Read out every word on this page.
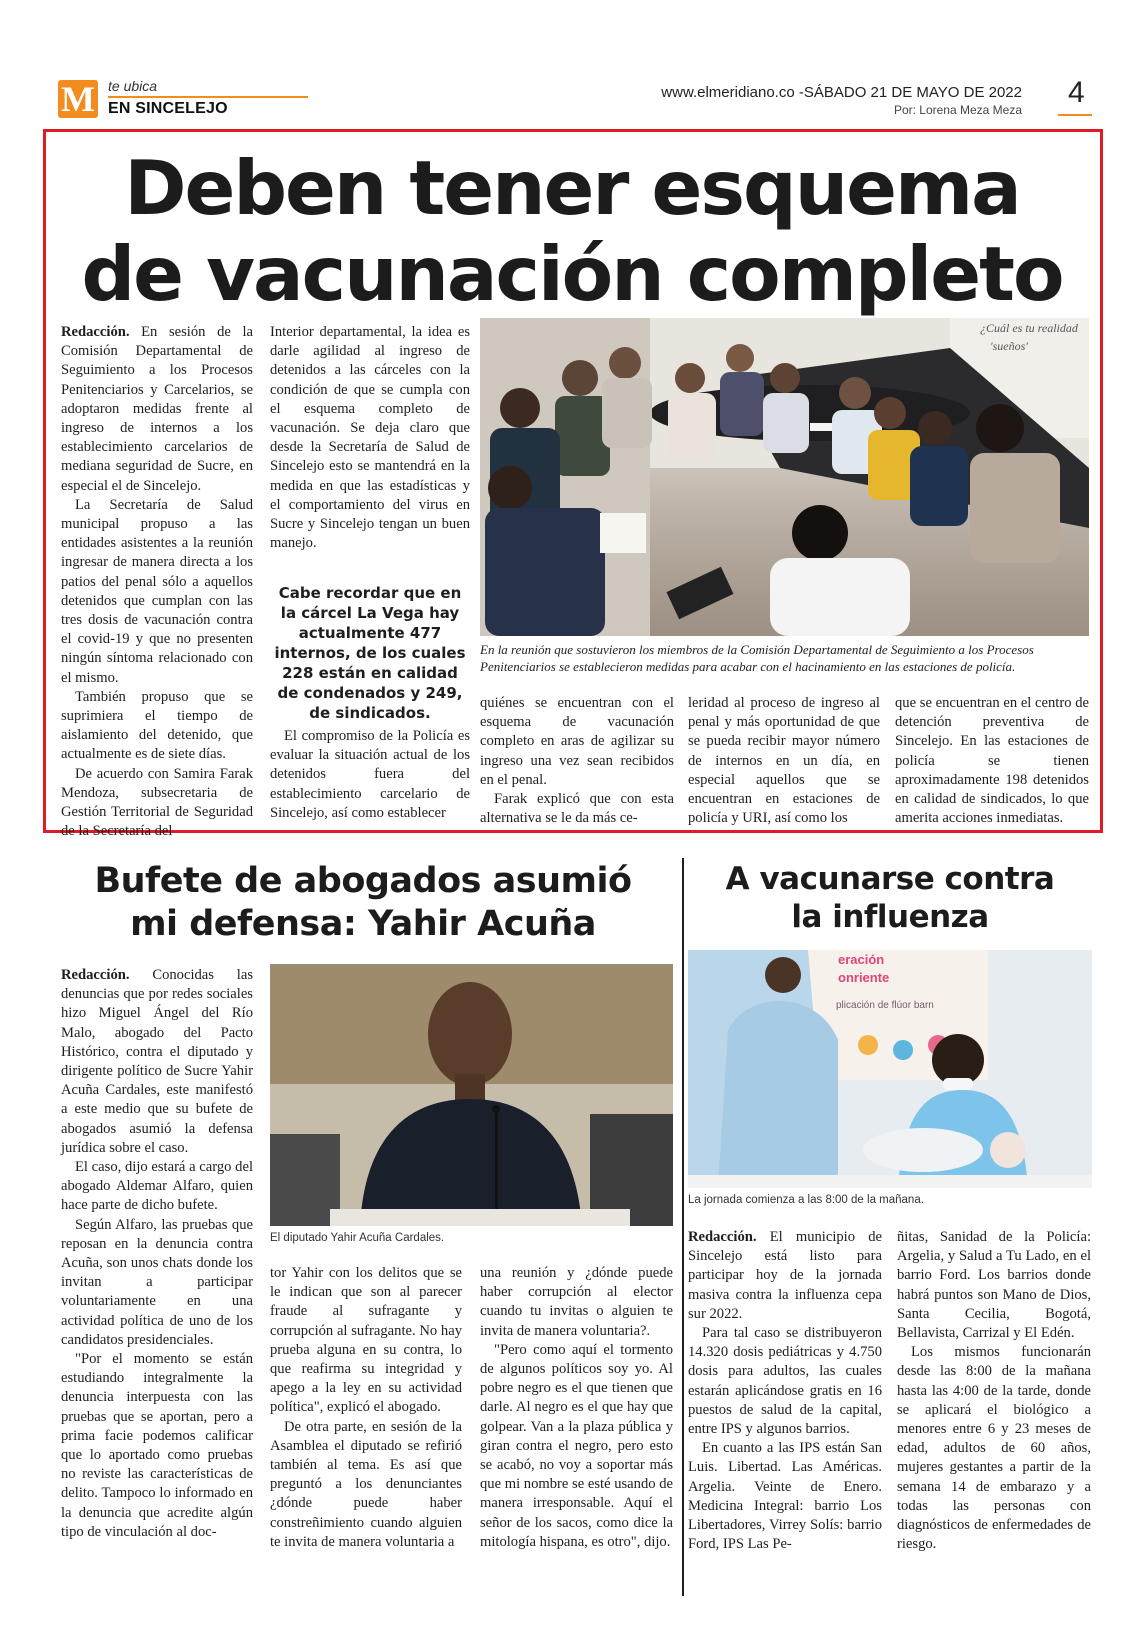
M te ubica
EN SINCELEJO
www.elmeridiano.co -SÁBADO 21 DE MAYO DE 2022
Por: Lorena Meza Meza
4
Deben tener esquema
de vacunación completo

Redacción. En sesión de la Comisión Departamental de Seguimiento a los Procesos Penitenciarios y Carcelarios, se adoptaron medidas frente al ingreso de internos a los establecimiento carcelarios de mediana seguridad de Sucre, en especial el de Sincelejo.

La Secretaría de Salud municipal propuso a las entidades asistentes a la reunión ingresar de manera directa a los patios del penal sólo a aquellos detenidos que cumplan con las tres dosis de vacunación contra el covid-19 y que no presenten ningún síntoma relacionado con el mismo.

También propuso que se suprimiera el tiempo de aislamiento del detenido, que actualmente es de siete días.

De acuerdo con Samira Farak Mendoza, subsecretaria de Gestión Territorial de Seguridad de la Secretaría del

Interior departamental, la idea es darle agilidad al ingreso de detenidos a las cárceles con la condición de que se cumpla con el esquema completo de vacunación. Se deja claro que desde la Secretaría de Salud de Sincelejo esto se mantendrá en la medida en que las estadísticas y el comportamiento del virus en Sucre y Sincelejo tengan un buen manejo.

Cabe recordar que en la cárcel La Vega hay actualmente 477 internos, de los cuales 228 están en calidad de condenados y 249, de sindicados.

El compromiso de la Policía es evaluar la situación actual de los detenidos fuera del establecimiento carcelario de Sincelejo, así como establecer

¿Cuál es tu realidad
'sueños'
En la reunión que sostuvieron los miembros de la Comisión Departamental de Seguimiento a los Procesos Penitenciarios se establecieron medidas para acabar con el hacinamiento en las estaciones de policía.

quiénes se encuentran con el esquema de vacunación completo en aras de agilizar su ingreso una vez sean recibidos en el penal.

Farak explicó que con esta alternativa se le da más ce-

leridad al proceso de ingreso al penal y más oportunidad de que se pueda recibir mayor número de internos en un día, en especial aquellos que se encuentran en estaciones de policía y URI, así como los

que se encuentran en el centro de detención preventiva de Sincelejo. En las estaciones de policía se tienen aproximadamente 198 detenidos en calidad de sindicados, lo que amerita acciones inmediatas.

Bufete de abogados asumió
mi defensa: Yahir Acuña

Redacción. Conocidas las denuncias que por redes sociales hizo Miguel Ángel del Río Malo, abogado del Pacto Histórico, contra el diputado y dirigente político de Sucre Yahir Acuña Cardales, este manifestó a este medio que su bufete de abogados asumió la defensa jurídica sobre el caso.

El caso, dijo estará a cargo del abogado Aldemar Alfaro, quien hace parte de dicho bufete.

Según Alfaro, las pruebas que reposan en la denuncia contra Acuña, son unos chats donde los invitan a participar voluntariamente en una actividad política de uno de los candidatos presidenciales.

"Por el momento se están estudiando integralmente la denuncia interpuesta con las pruebas que se aportan, pero a prima facie podemos calificar que lo aportado como pruebas no reviste las características de delito. Tampoco lo informado en la denuncia que acredite algún tipo de vinculación al doc-

El diputado Yahir Acuña Cardales.

tor Yahir con los delitos que se le indican que son al parecer fraude al sufragante y corrupción al sufragante. No hay prueba alguna en su contra, lo que reafirma su integridad y apego a la ley en su actividad política", explicó el abogado.

De otra parte, en sesión de la Asamblea el diputado se refirió también al tema. Es así que preguntó a los denunciantes ¿dónde puede haber constreñimiento cuando alguien te invita de manera voluntaria a

una reunión y ¿dónde puede haber corrupción al elector cuando tu invitas o alguien te invita de manera voluntaria?.

"Pero como aquí el tormento de algunos políticos soy yo. Al pobre negro es el que tienen que darle. Al negro es el que hay que golpear. Van a la plaza pública y giran contra el negro, pero esto se acabó, no voy a soportar más que mi nombre se esté usando de manera irresponsable. Aquí el señor de los sacos, como dice la mitología hispana, es otro", dijo.

A vacunarse contra
la influenza
eración
onriente
plicación de flúor barn
La jornada comienza a las 8:00 de la mañana.

Redacción. El municipio de Sincelejo está listo para participar hoy de la jornada masiva contra la influenza cepa sur 2022.

Para tal caso se distribuyeron 14.320 dosis pediátricas y 4.750 dosis para adultos, las cuales estarán aplicándose gratis en 16 puestos de salud de la capital, entre IPS y algunos barrios.

En cuanto a las IPS están San Luis. Libertad. Las Américas. Argelia. Veinte de Enero. Medicina Integral: barrio Los Libertadores, Virrey Solís: barrio Ford, IPS Las Pe-

ñitas, Sanidad de la Policía: Argelia, y Salud a Tu Lado, en el barrio Ford. Los barrios donde habrá puntos son Mano de Dios, Santa Cecilia, Bogotá, Bellavista, Carrizal y El Edén.

Los mismos funcionarán desde las 8:00 de la mañana hasta las 4:00 de la tarde, donde se aplicará el biológico a menores entre 6 y 23 meses de edad, adultos de 60 años, mujeres gestantes a partir de la semana 14 de embarazo y a todas las personas con diagnósticos de enfermedades de riesgo.
